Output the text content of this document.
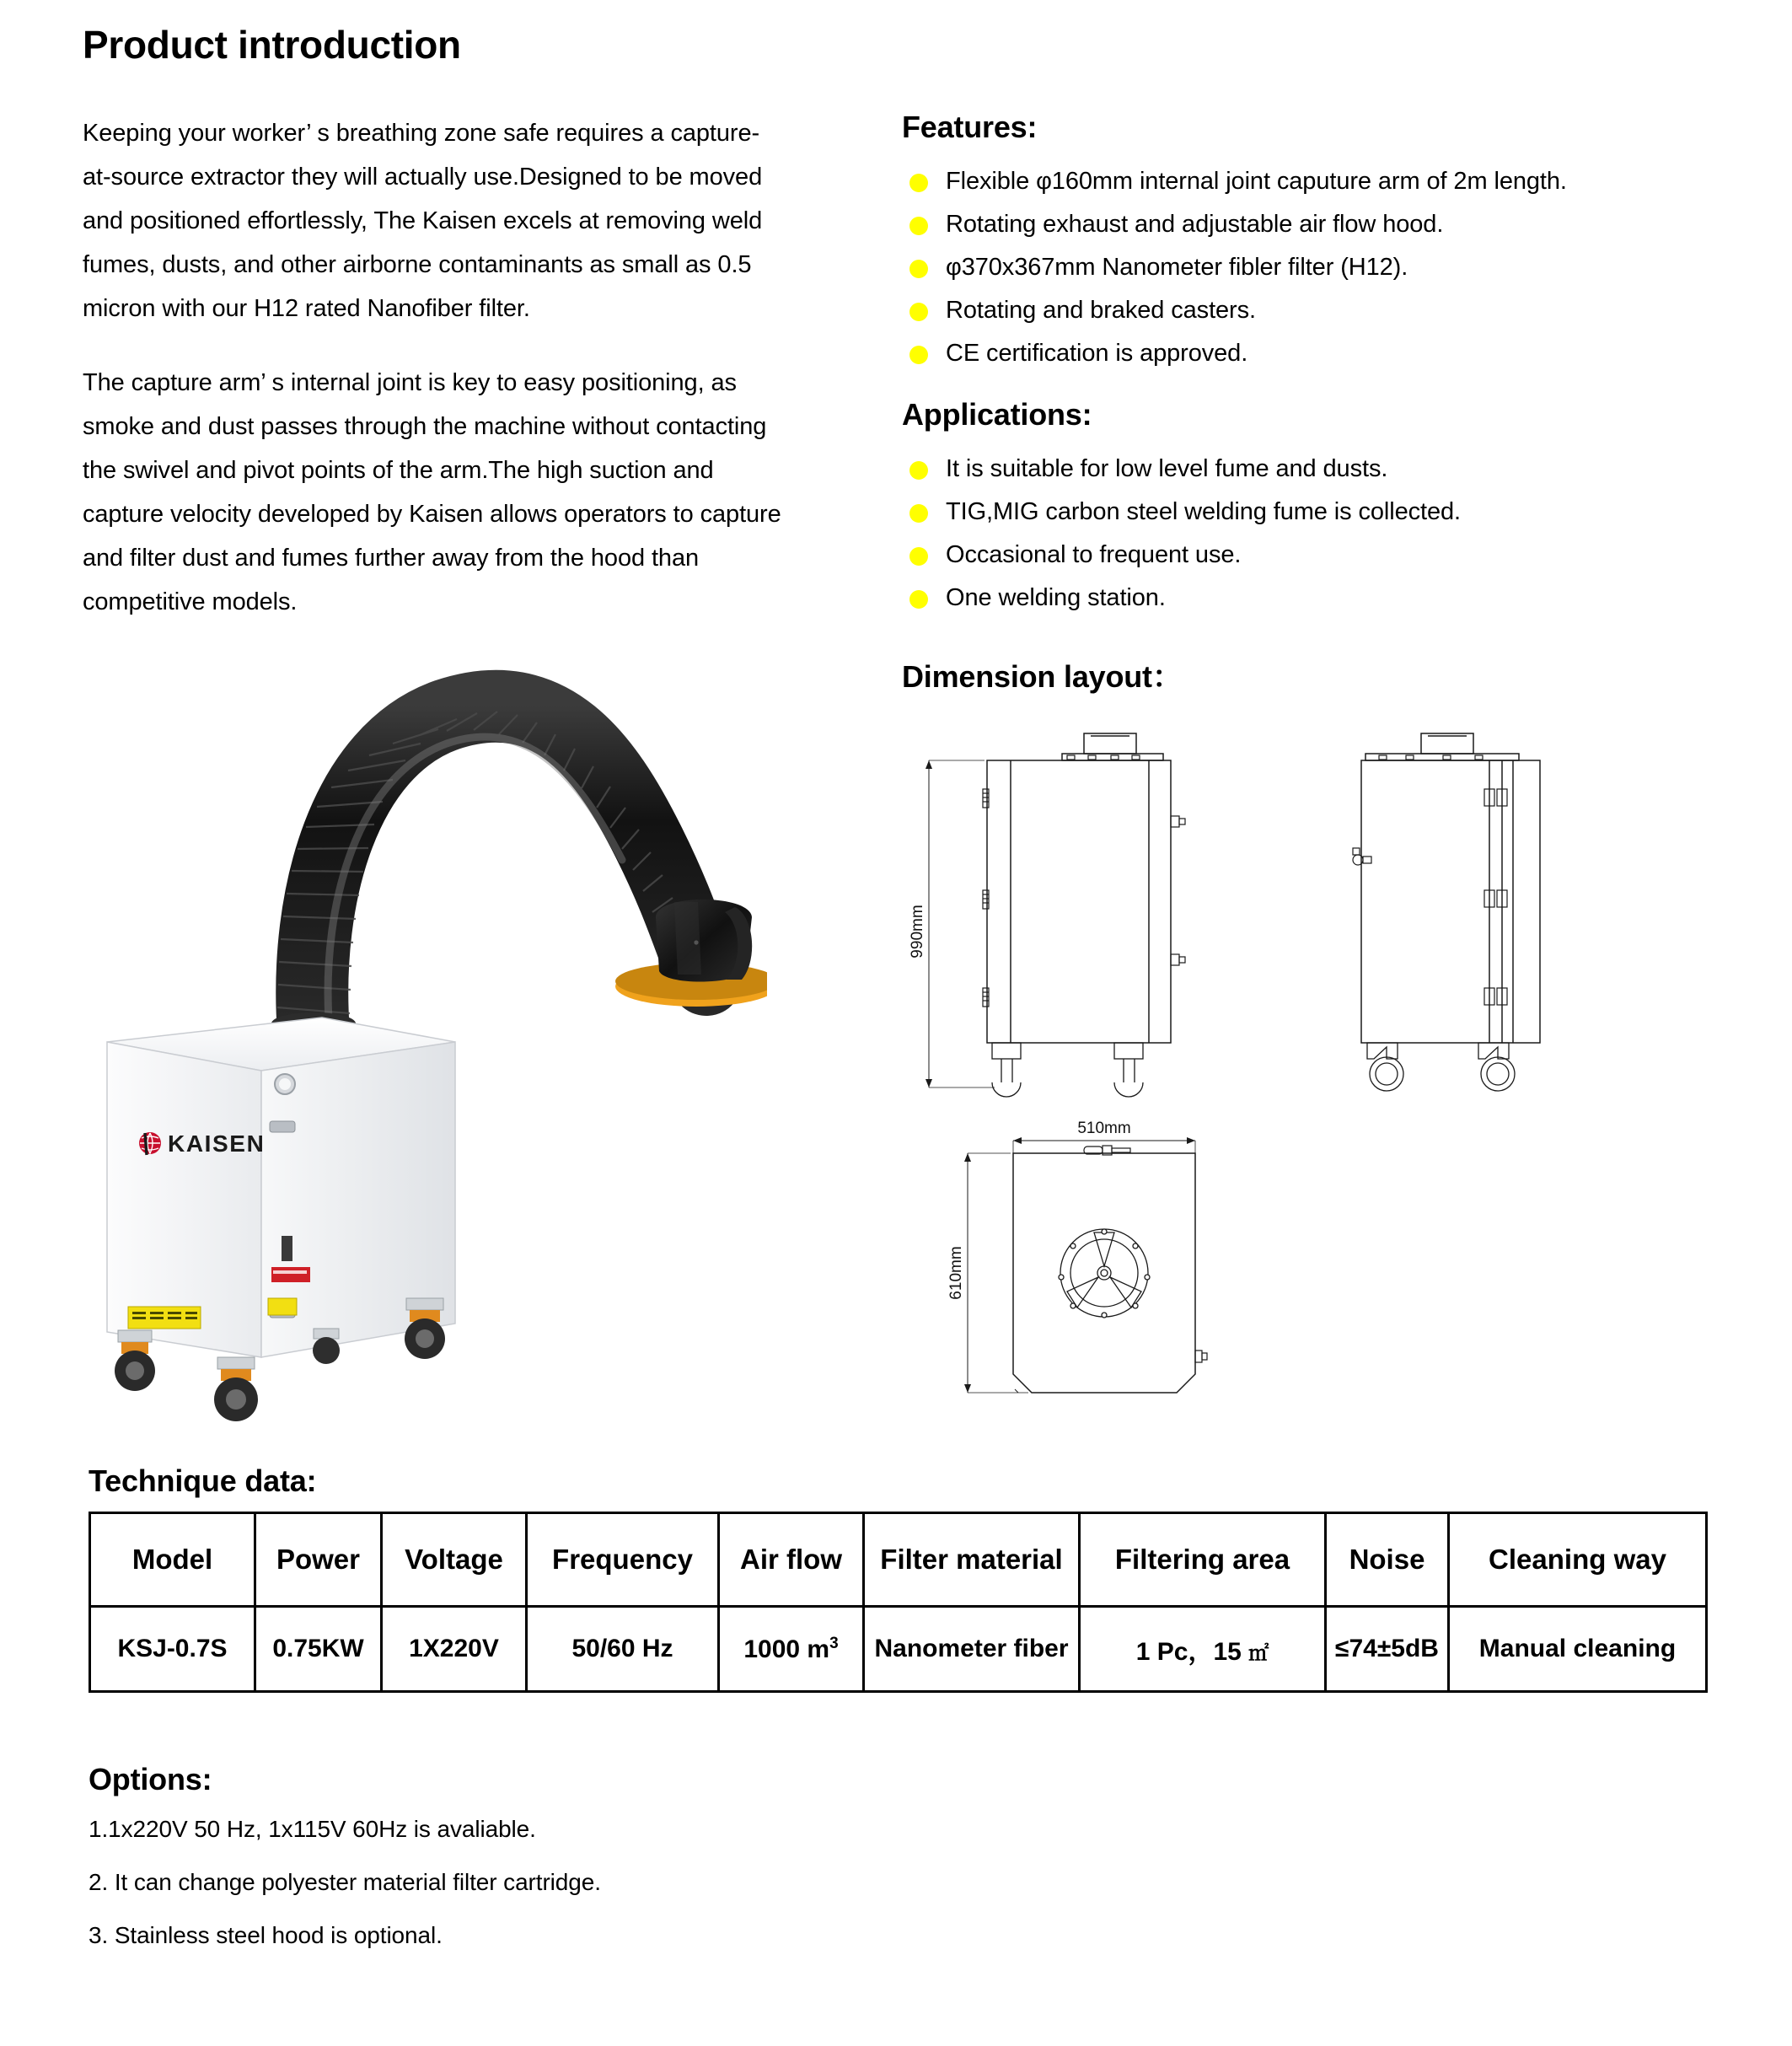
Product introduction

Keeping your worker’ s breathing zone safe requires a capture-at-source extractor they will actually use.Designed to be moved and positioned effortlessly, The Kaisen excels at removing weld fumes, dusts, and other airborne contaminants as small as 0.5 micron with our H12 rated Nanofiber filter.

The capture arm’ s internal joint is key to easy positioning, as smoke and dust passes through the machine without contacting the swivel and pivot points of the arm.The high suction and capture velocity developed by Kaisen allows operators to capture and filter dust and fumes further away from the hood than competitive models.

Features:
Flexible φ160mm internal joint caputure arm of 2m length.
Rotating exhaust and adjustable air flow hood.
φ370x367mm Nanometer fibler filter (H12).
Rotating and braked casters.
CE certification is approved.
Applications:
It is suitable for low level fume and dusts.
TIG,MIG carbon steel welding fume is collected.
Occasional to frequent use.
One welding station.
Dimension layout：
KAISEN
990mm
510mm
610mm
Technique data:
Model	Power	Voltage	Frequency	Air flow	Filter material	Filtering area	Noise	Cleaning way
KSJ-0.7S	0.75KW	1X220V	50/60 Hz	1000 $m^3$	Nanometer fiber	1 Pc，15 ㎡	≤74±5dB	Manual cleaning
Options:

1.1x220V 50 Hz, 1x115V 60Hz is avaliable.

2. It can change polyester material filter cartridge.

3. Stainless steel hood is optional.
